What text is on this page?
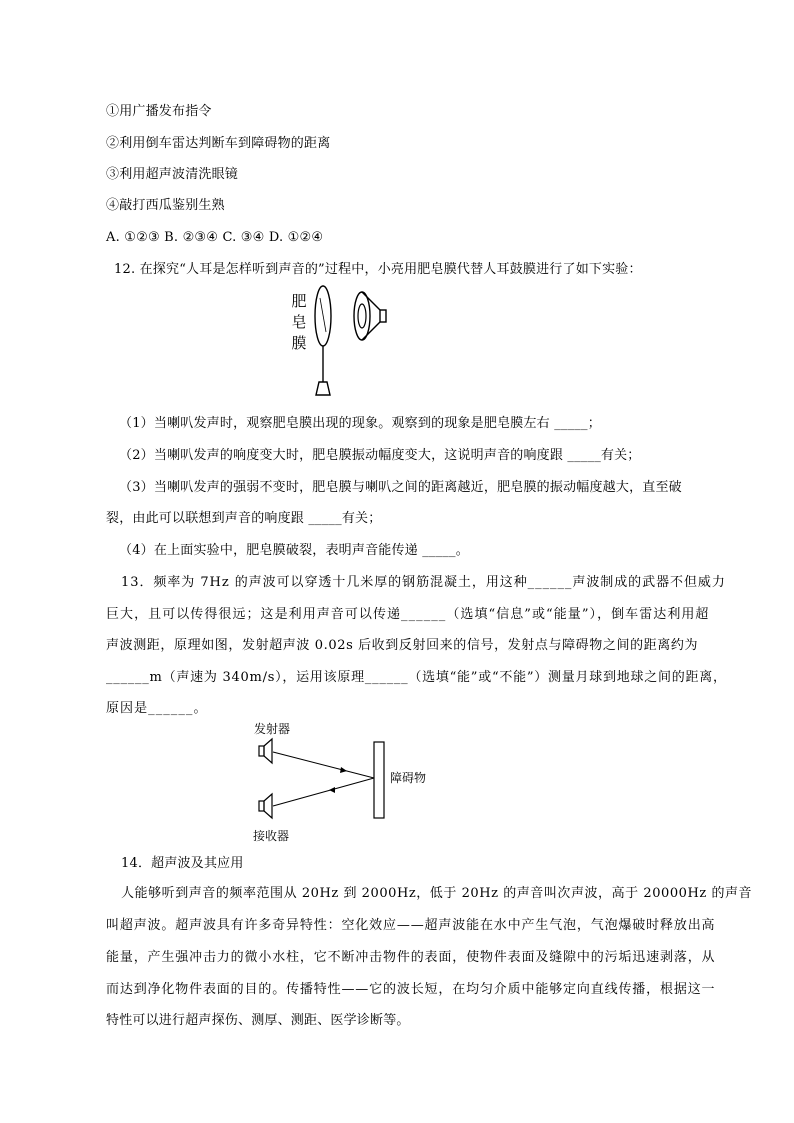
①用广播发布指令
②利用倒车雷达判断车到障碍物的距离
③利用超声波清洗眼镜
④敲打西瓜鉴别生熟
A. ①②③ B. ②③④ C. ③④ D. ①②④
12. 在探究“人耳是怎样听到声音的”过程中，小亮用肥皂膜代替人耳鼓膜进行了如下实验：
肥
皂
膜
（1）当喇叭发声时，观察肥皂膜出现的现象。观察到的现象是肥皂膜左右 _____；
（2）当喇叭发声的响度变大时，肥皂膜振动幅度变大，这说明声音的响度跟 _____有关；
（3）当喇叭发声的强弱不变时，肥皂膜与喇叭之间的距离越近，肥皂膜的振动幅度越大，直至破
裂，由此可以联想到声音的响度跟 _____有关；
（4）在上面实验中，肥皂膜破裂，表明声音能传递 _____。
13．频率为 7Hz 的声波可以穿透十几米厚的钢筋混凝土，用这种______声波制成的武器不但威力
巨大，且可以传得很远；这是利用声音可以传递______（选填“信息”或“能量”），倒车雷达利用超
声波测距，原理如图，发射超声波 0.02s 后收到反射回来的信号，发射点与障碍物之间的距离约为
______m（声速为 340m/s），运用该原理______（选填“能”或“不能”）测量月球到地球之间的距离，
原因是______。
发射器
障碍物
接收器
14．超声波及其应用
人能够听到声音的频率范围从 20Hz 到 2000Hz，低于 20Hz 的声音叫次声波，高于 20000Hz 的声音
叫超声波。超声波具有许多奇异特性：空化效应——超声波能在水中产生气泡，气泡爆破时释放出高
能量，产生强冲击力的微小水柱，它不断冲击物件的表面，使物件表面及缝隙中的污垢迅速剥落，从
而达到净化物件表面的目的。传播特性——它的波长短，在均匀介质中能够定向直线传播，根据这一
特性可以进行超声探伤、测厚、测距、医学诊断等。
